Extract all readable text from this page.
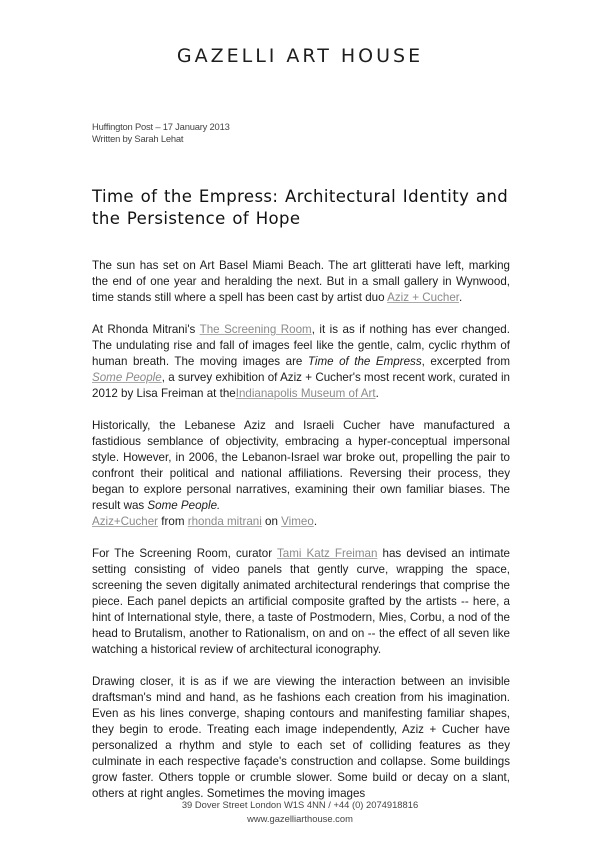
GAZELLI ART HOUSE
Huffington Post – 17 January 2013
Written by Sarah Lehat
Time of the Empress: Architectural Identity and the Persistence of Hope

The sun has set on Art Basel Miami Beach. The art glitterati have left, marking the end of one year and heralding the next. But in a small gallery in Wynwood, time stands still where a spell has been cast by artist duo Aziz + Cucher.

At Rhonda Mitrani's The Screening Room, it is as if nothing has ever changed. The undulating rise and fall of images feel like the gentle, calm, cyclic rhythm of human breath. The moving images are Time of the Empress, excerpted from Some People, a survey exhibition of Aziz + Cucher's most recent work, curated in 2012 by Lisa Freiman at theIndianapolis Museum of Art.

Historically, the Lebanese Aziz and Israeli Cucher have manufactured a fastidious semblance of objectivity, embracing a hyper-conceptual impersonal style. However, in 2006, the Lebanon-Israel war broke out, propelling the pair to confront their political and national affiliations. Reversing their process, they began to explore personal narratives, examining their own familiar biases. The result was Some People.
Aziz+Cucher from rhonda mitrani on Vimeo.

For The Screening Room, curator Tami Katz Freiman has devised an intimate setting consisting of video panels that gently curve, wrapping the space, screening the seven digitally animated architectural renderings that comprise the piece. Each panel depicts an artificial composite grafted by the artists -- here, a hint of International style, there, a taste of Postmodern, Mies, Corbu, a nod of the head to Brutalism, another to Rationalism, on and on -- the effect of all seven like watching a historical review of architectural iconography.

Drawing closer, it is as if we are viewing the interaction between an invisible draftsman's mind and hand, as he fashions each creation from his imagination. Even as his lines converge, shaping contours and manifesting familiar shapes, they begin to erode. Treating each image independently, Aziz + Cucher have personalized a rhythm and style to each set of colliding features as they culminate in each respective façade's construction and collapse. Some buildings grow faster. Others topple or crumble slower. Some build or decay on a slant, others at right angles. Sometimes the moving images

39 Dover Street London W1S 4NN / +44 (0) 2074918816
www.gazelliarthouse.com
